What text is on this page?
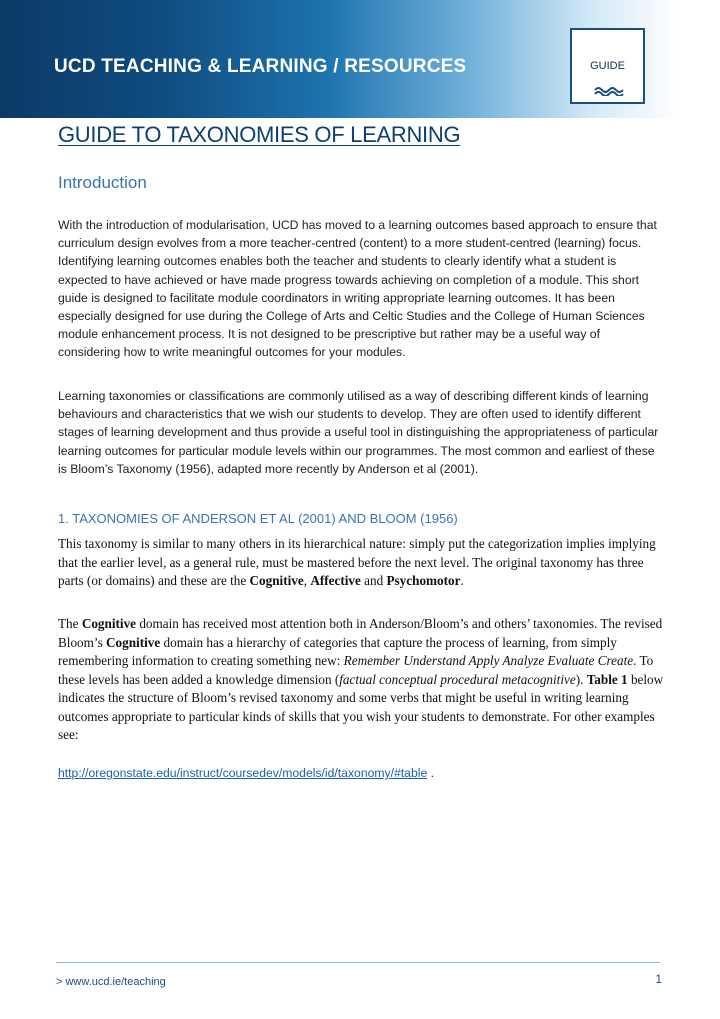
UCD TEACHING & LEARNING / RESOURCES	GUIDE
GUIDE TO TAXONOMIES OF LEARNING
Introduction

With the introduction of modularisation, UCD has moved to a learning outcomes based approach to ensure that curriculum design evolves from a more teacher-centred (content) to a more student-centred (learning) focus. Identifying learning outcomes enables both the teacher and students to clearly identify what a student is expected to have achieved or have made progress towards achieving on completion of a module. This short guide is designed to facilitate module coordinators in writing appropriate learning outcomes. It has been especially designed for use during the College of Arts and Celtic Studies and the College of Human Sciences module enhancement process. It is not designed to be prescriptive but rather may be a useful way of considering how to write meaningful outcomes for your modules.

Learning taxonomies or classifications are commonly utilised as a way of describing different kinds of learning behaviours and characteristics that we wish our students to develop. They are often used to identify different stages of learning development and thus provide a useful tool in distinguishing the appropriateness of particular learning outcomes for particular module levels within our programmes. The most common and earliest of these is Bloom’s Taxonomy (1956), adapted more recently by Anderson et al (2001).

1. TAXONOMIES OF ANDERSON ET AL (2001) AND BLOOM (1956)

This taxonomy is similar to many others in its hierarchical nature: simply put the categorization implies implying that the earlier level, as a general rule, must be mastered before the next level. The original taxonomy has three parts (or domains) and these are the Cognitive, Affective and Psychomotor.

The Cognitive domain has received most attention both in Anderson/Bloom’s and others’ taxonomies. The revised Bloom’s Cognitive domain has a hierarchy of categories that capture the process of learning, from simply remembering information to creating something new: Remember Understand Apply Analyze Evaluate Create. To these levels has been added a knowledge dimension (factual conceptual procedural metacognitive). Table 1 below indicates the structure of Bloom’s revised taxonomy and some verbs that might be useful in writing learning outcomes appropriate to particular kinds of skills that you wish your students to demonstrate. For other examples see:

http://oregonstate.edu/instruct/coursedev/models/id/taxonomy/#table .
> www.ucd.ie/teaching	1
